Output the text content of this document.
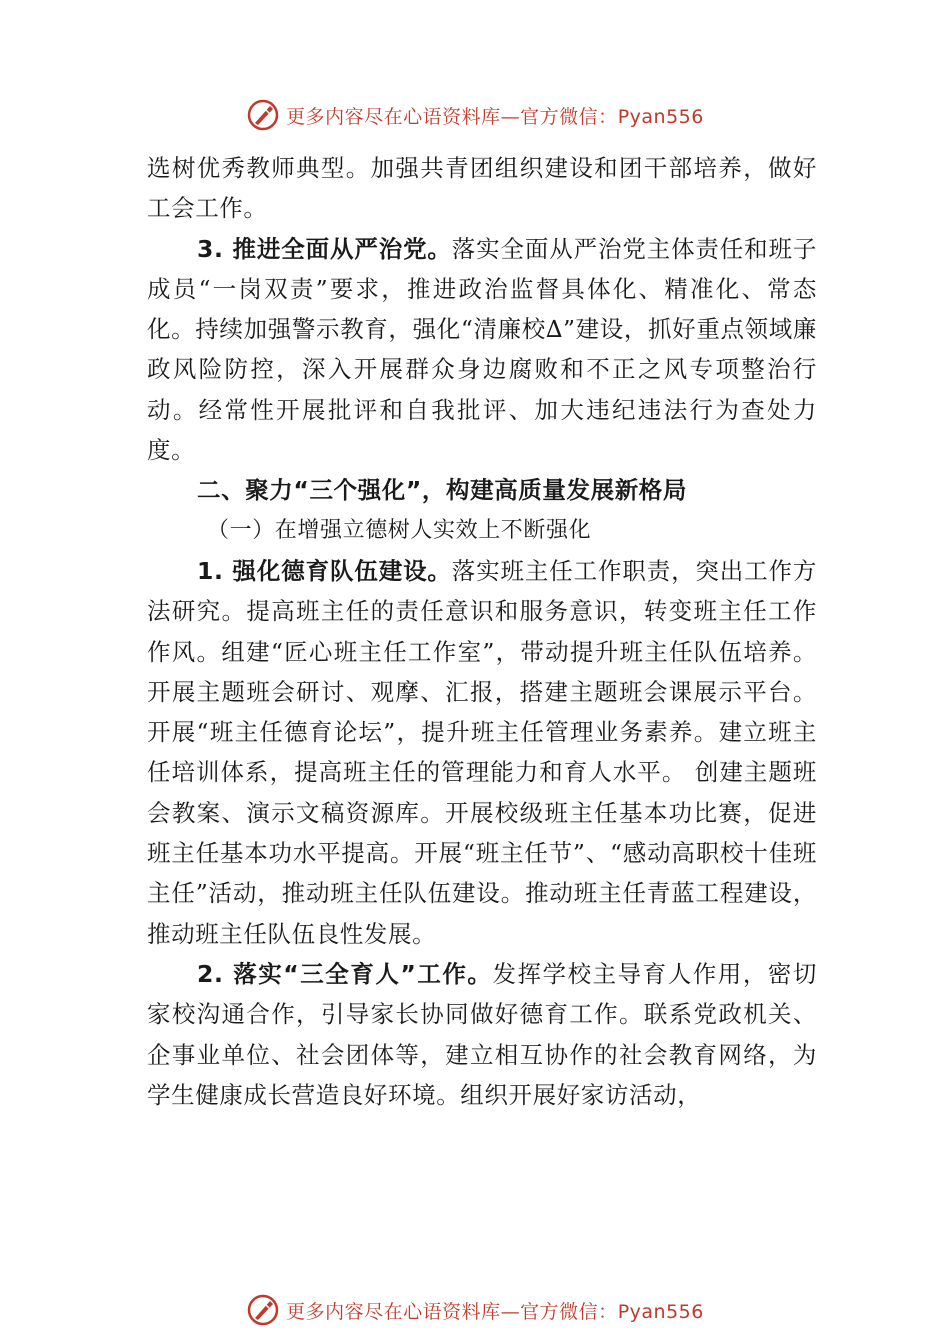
更多内容尽在心语资料库—官方微信：Pyan556

选树优秀教师典型。加强共青团组织建设和团干部培养，做好工会工作。

3. 推进全面从严治党。落实全面从严治党主体责任和班子成员“一岗双责”要求，推进政治监督具体化、精准化、常态化。持续加强警示教育，强化“清廉校∆”建设，抓好重点领域廉政风险防控，深入开展群众身边腐败和不正之风专项整治行动。经常性开展批评和自我批评、加大违纪违法行为查处力度。

二、聚力“三个强化”，构建高质量发展新格局

（一）在增强立德树人实效上不断强化

1. 强化德育队伍建设。落实班主任工作职责，突出工作方法研究。提高班主任的责任意识和服务意识，转变班主任工作作风。组建“匠心班主任工作室”，带动提升班主任队伍培养。开展主题班会研讨、观摩、汇报，搭建主题班会课展示平台。开展“班主任德育论坛”，提升班主任管理业务素养。建立班主任培训体系，提高班主任的管理能力和育人水平。 创建主题班会教案、演示文稿资源库。开展校级班主任基本功比赛，促进班主任基本功水平提高。开展“班主任节”、“感动高职校十佳班主任”活动，推动班主任队伍建设。推动班主任青蓝工程建设，推动班主任队伍良性发展。

2. 落实“三全育人”工作。发挥学校主导育人作用，密切家校沟通合作，引导家长协同做好德育工作。联系党政机关、企事业单位、社会团体等，建立相互协作的社会教育网络，为学生健康成长营造良好环境。组织开展好家访活动，

更多内容尽在心语资料库—官方微信：Pyan556
